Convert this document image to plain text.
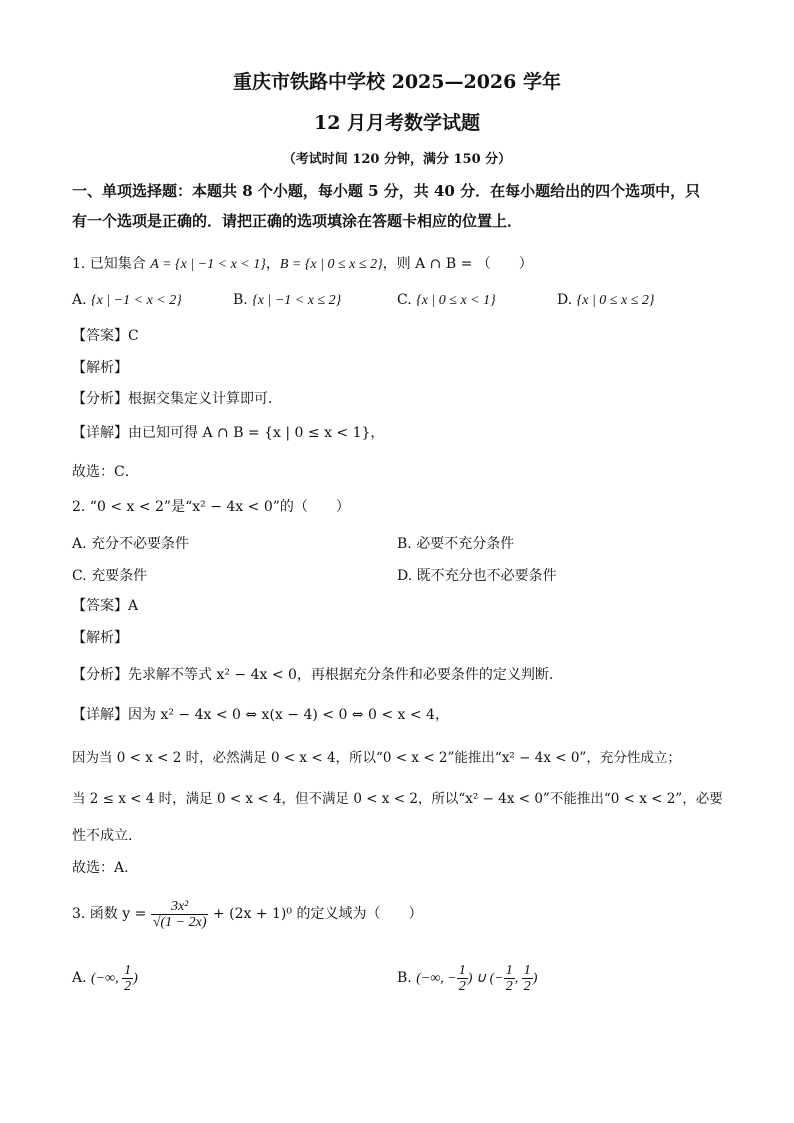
重庆市铁路中学校 2025—2026 学年
12 月月考数学试题
（考试时间 120 分钟，满分 150 分）
一、单项选择题：本题共 8 个小题，每小题 5 分，共 40 分．在每小题给出的四个选项中，只
有一个选项是正确的．请把正确的选项填涂在答题卡相应的位置上．
1. 已知集合 A = {x | −1 < x < 1}，B = {x | 0 ≤ x ≤ 2}，则 A ∩ B = （　　）
A. {x | −1 < x < 2}	B. {x | −1 < x ≤ 2}	C. {x | 0 ≤ x < 1}	D. {x | 0 ≤ x ≤ 2}
【答案】C
【解析】
【分析】根据交集定义计算即可．
【详解】由已知可得 A ∩ B = {x | 0 ≤ x < 1}，
故选：C．
2. “0 < x < 2”是“x² − 4x < 0”的（　　）
A. 充分不必要条件	B. 必要不充分条件
C. 充要条件	D. 既不充分也不必要条件
【答案】A
【解析】
【分析】先求解不等式 x² − 4x < 0，再根据充分条件和必要条件的定义判断.
【详解】因为 x² − 4x < 0 ⇔ x(x − 4) < 0 ⇔ 0 < x < 4，
因为当 0 < x < 2 时，必然满足 0 < x < 4，所以“0 < x < 2”能推出“x² − 4x < 0”，充分性成立；
当 2 ≤ x < 4 时，满足 0 < x < 4，但不满足 0 < x < 2，所以“x² − 4x < 0”不能推出“0 < x < 2”，必要
性不成立.
故选：A.
3. 函数 $y = \frac{\text{3x²}}{√(1 - 2x)} + (2x + 1)^0$ 的定义域为（　　）
A. (−∞, $\frac{1}{2}$ )	B. (−∞, − $\frac{1}{2}$ ) ∪ (− $\frac{1}{2}$ , $\frac{1}{2}$ )
